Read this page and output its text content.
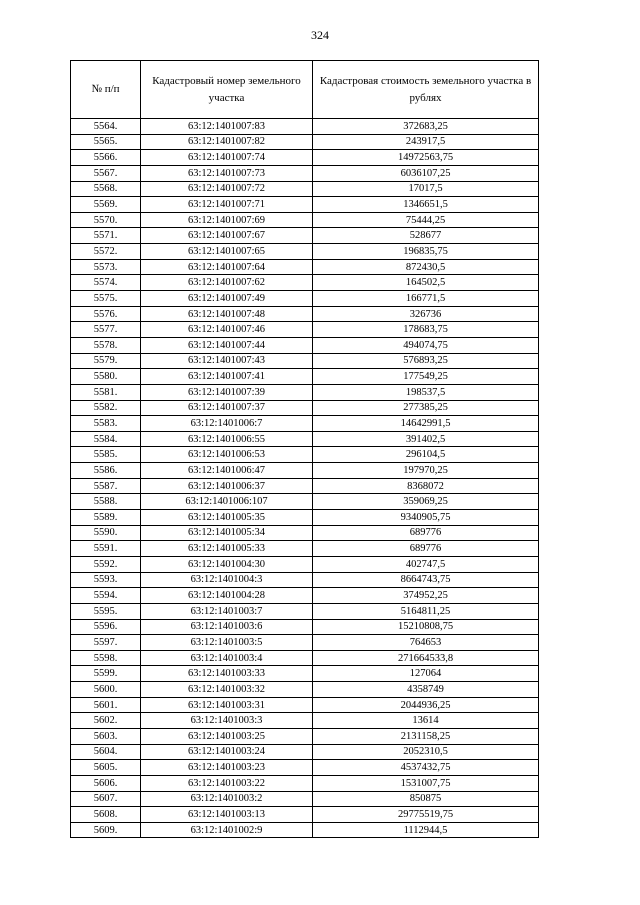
324
№ п/п	Кадастровый номер земельного участка	Кадастровая стоимость земельного участка в рублях
5564.	63:12:1401007:83	372683,25
5565.	63:12:1401007:82	243917,5
5566.	63:12:1401007:74	14972563,75
5567.	63:12:1401007:73	6036107,25
5568.	63:12:1401007:72	17017,5
5569.	63:12:1401007:71	1346651,5
5570.	63:12:1401007:69	75444,25
5571.	63:12:1401007:67	528677
5572.	63:12:1401007:65	196835,75
5573.	63:12:1401007:64	872430,5
5574.	63:12:1401007:62	164502,5
5575.	63:12:1401007:49	166771,5
5576.	63:12:1401007:48	326736
5577.	63:12:1401007:46	178683,75
5578.	63:12:1401007:44	494074,75
5579.	63:12:1401007:43	576893,25
5580.	63:12:1401007:41	177549,25
5581.	63:12:1401007:39	198537,5
5582.	63:12:1401007:37	277385,25
5583.	63:12:1401006:7	14642991,5
5584.	63:12:1401006:55	391402,5
5585.	63:12:1401006:53	296104,5
5586.	63:12:1401006:47	197970,25
5587.	63:12:1401006:37	8368072
5588.	63:12:1401006:107	359069,25
5589.	63:12:1401005:35	9340905,75
5590.	63:12:1401005:34	689776
5591.	63:12:1401005:33	689776
5592.	63:12:1401004:30	402747,5
5593.	63:12:1401004:3	8664743,75
5594.	63:12:1401004:28	374952,25
5595.	63:12:1401003:7	5164811,25
5596.	63:12:1401003:6	15210808,75
5597.	63:12:1401003:5	764653
5598.	63:12:1401003:4	271664533,8
5599.	63:12:1401003:33	127064
5600.	63:12:1401003:32	4358749
5601.	63:12:1401003:31	2044936,25
5602.	63:12:1401003:3	13614
5603.	63:12:1401003:25	2131158,25
5604.	63:12:1401003:24	2052310,5
5605.	63:12:1401003:23	4537432,75
5606.	63:12:1401003:22	1531007,75
5607.	63:12:1401003:2	850875
5608.	63:12:1401003:13	29775519,75
5609.	63:12:1401002:9	1112944,5
